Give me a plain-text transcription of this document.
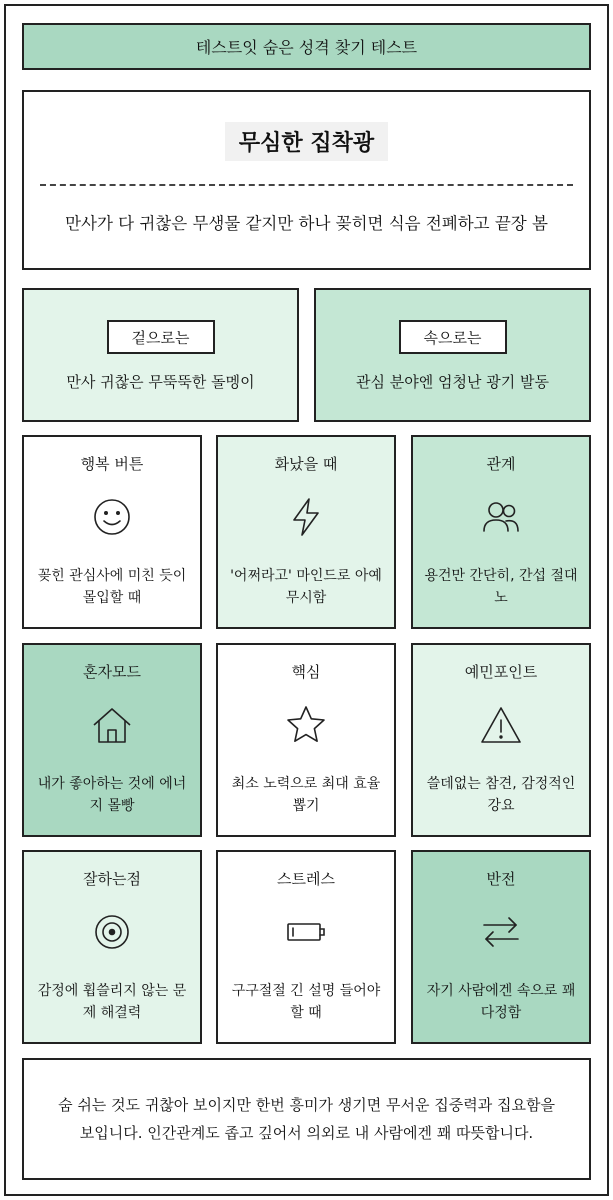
테스트잇 숨은 성격 찾기 테스트
무심한 집착광
만사가 다 귀찮은 무생물 같지만 하나 꽂히면 식음 전폐하고 끝장 봄
겉으로는
만사 귀찮은 무뚝뚝한 돌멩이
속으로는
관심 분야엔 엄청난 광기 발동
행복 버튼
꽂힌 관심사에 미친 듯이 몰입할 때
화났을 때
'어쩌라고' 마인드로 아예 무시함
관계
용건만 간단히, 간섭 절대 노
혼자모드
내가 좋아하는 것에 에너지 몰빵
핵심
최소 노력으로 최대 효율 뽑기
예민포인트
쓸데없는 참견, 감정적인 강요
잘하는점
감정에 휩쓸리지 않는 문제 해결력
스트레스
구구절절 긴 설명 들어야 할 때
반전
자기 사람에겐 속으로 꽤 다정함
숨 쉬는 것도 귀찮아 보이지만 한번 흥미가 생기면 무서운 집중력과 집요함을 보입니다. 인간관계도 좁고 깊어서 의외로 내 사람에겐 꽤 따뜻합니다.
